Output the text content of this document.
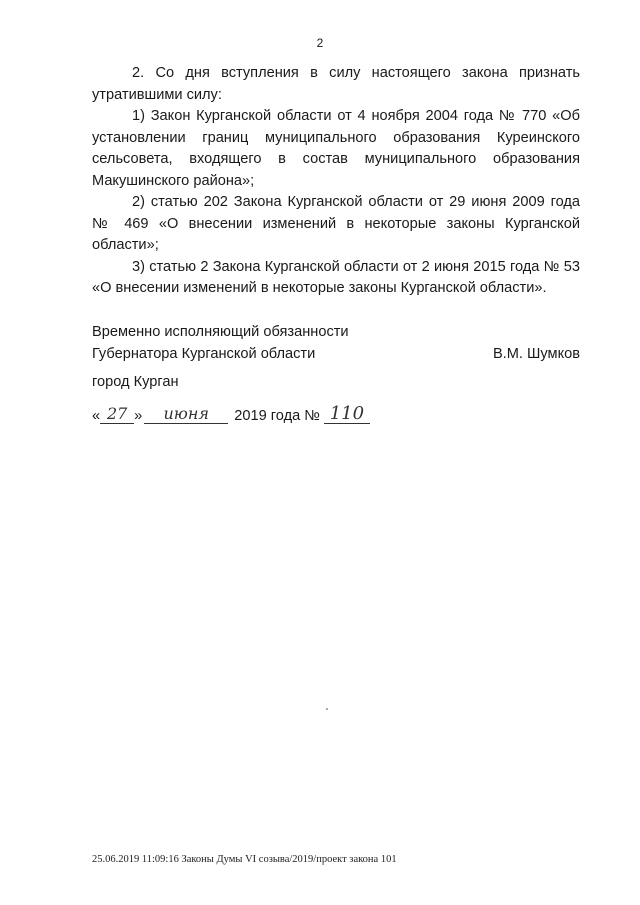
2

2. Со дня вступления в силу настоящего закона признать утратившими силу:

1) Закон Курганской области от 4 ноября 2004 года № 770 «Об установлении границ муниципального образования Куреинского сельсовета, входящего в состав муниципального образования Макушинского района»;

2) статью 202 Закона Курганской области от 29 июня 2009 года № 469 «О внесении изменений в некоторые законы Курганской области»;

3) статью 2 Закона Курганской области от 2 июня 2015 года № 53 «О внесении изменений в некоторые законы Курганской области».

Временно исполняющий обязанности
Губернатора Курганской области	В.М. Шумков
город Курган
« 27 »	июня	2019 года № 110
25.06.2019 11:09:16 Законы Думы VI созыва/2019/проект закона 101
